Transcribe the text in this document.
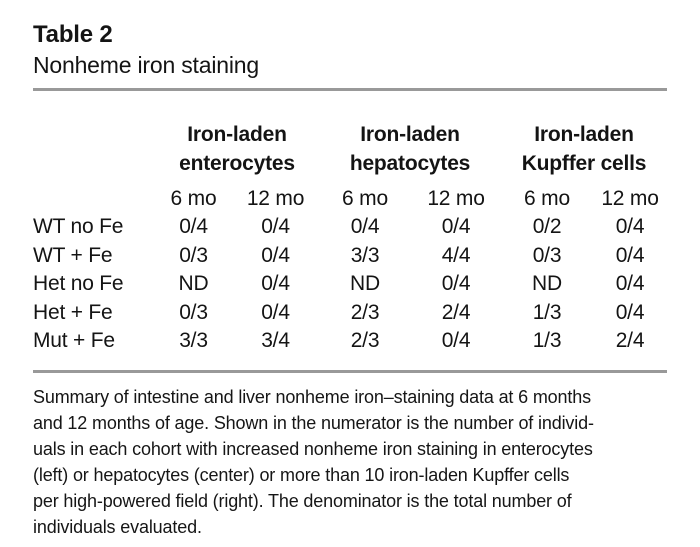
Table 2
Nonheme iron staining
Iron-laden
enterocytes
Iron-laden
hepatocytes
Iron-laden
Kupffer cells
6 mo	12 mo	6 mo	12 mo	6 mo	12 mo
WT no Fe	0/4	0/4	0/4	0/4	0/2	0/4
WT + Fe	0/3	0/4	3/3	4/4	0/3	0/4
Het no Fe	ND	0/4	ND	0/4	ND	0/4
Het + Fe	0/3	0/4	2/3	2/4	1/3	0/4
Mut + Fe	3/3	3/4	2/3	0/4	1/3	2/4
Summary of intestine and liver nonheme iron–staining data at 6 months
and 12 months of age. Shown in the numerator is the number of individ-
uals in each cohort with increased nonheme iron staining in enterocytes
(left) or hepatocytes (center) or more than 10 iron-laden Kupffer cells
per high-powered field (right). The denominator is the total number of
individuals evaluated.
